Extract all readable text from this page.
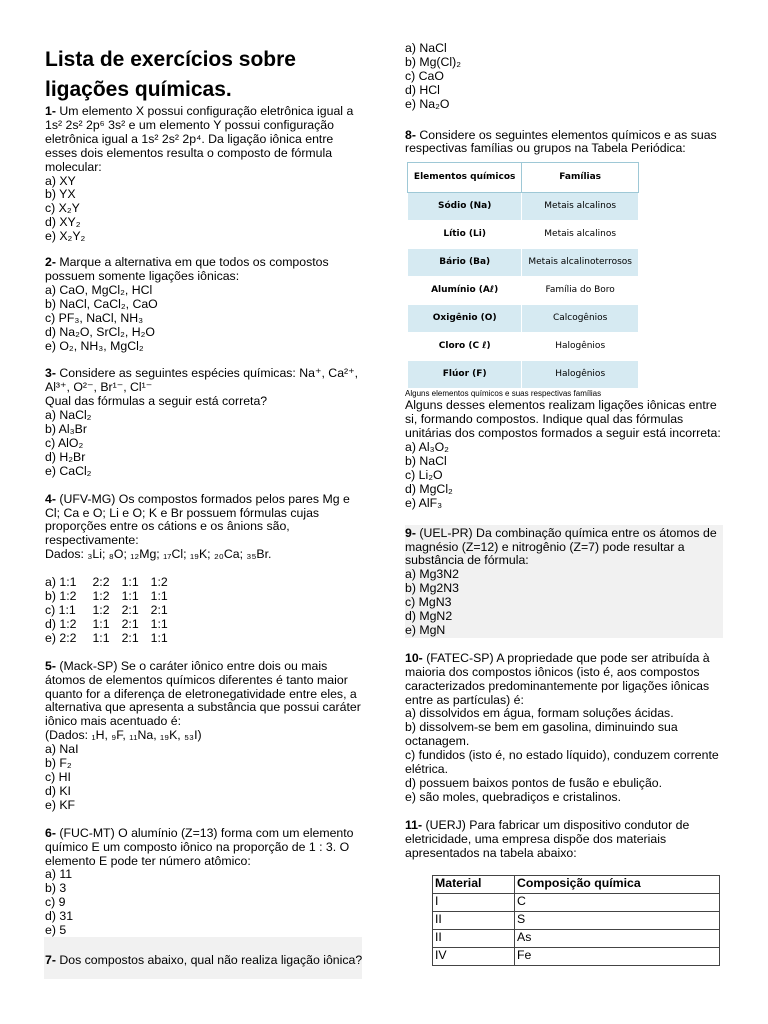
Lista de exercícios sobre ligações químicas.

1- Um elemento X possui configuração eletrônica igual a 1s² 2s² 2p⁶ 3s² e um elemento Y possui configuração eletrônica igual a 1s² 2s² 2p⁴. Da ligação iônica entre esses dois elementos resulta o composto de fórmula molecular:

a) XY

b) YX

c) X₂Y

d) XY₂

e) X₂Y₂

2- Marque a alternativa em que todos os compostos possuem somente ligações iônicas:

a) CaO, MgCl₂, HCl

b) NaCl, CaCl₂, CaO

c) PF₃, NaCl, NH₃

d) Na₂O, SrCl₂, H₂O

e) O₂, NH₃, MgCl₂

3- Considere as seguintes espécies químicas: Na⁺, Ca²⁺, Al³⁺, O²⁻, Br¹⁻, Cl¹⁻

Qual das fórmulas a seguir está correta?

a) NaCl₂

b) Al₃Br

c) AlO₂

d) H₂Br

e) CaCl₂

4- (UFV-MG) Os compostos formados pelos pares Mg e Cl; Ca e O; Li e O; K e Br possuem fórmulas cujas proporções entre os cátions e os ânions são, respectivamente:

Dados: ₃Li; ₈O; ₁₂Mg; ₁₇Cl; ₁₉K; ₂₀Ca; ₃₅Br.

a) 1:1	2:2	1:1	1:2
b) 1:2	1:2	1:1	1:1
c) 1:1	1:2	2:1	2:1
d) 1:2	1:1	2:1	1:1
e) 2:2	1:1	2:1	1:1

5- (Mack-SP) Se o caráter iônico entre dois ou mais átomos de elementos químicos diferentes é tanto maior quanto for a diferença de eletronegatividade entre eles, a alternativa que apresenta a substância que possui caráter iônico mais acentuado é:

(Dados: ₁H, ₉F, ₁₁Na, ₁₉K, ₅₃I)

a) NaI

b) F₂

c) HI

d) KI

e) KF

6- (FUC-MT) O alumínio (Z=13) forma com um elemento químico E um composto iônico na proporção de 1 : 3. O elemento E pode ter número atômico:

a) 11

b) 3

c) 9

d) 31

e) 5

7- Dos compostos abaixo, qual não realiza ligação iônica?

a) NaCl

b) Mg(Cl)₂

c) CaO

d) HCl

e) Na₂O

8- Considere os seguintes elementos químicos e as suas respectivas famílias ou grupos na Tabela Periódica:

Elementos químicos	Famílias
Sódio (Na)	Metais alcalinos
Lítio (Li)	Metais alcalinos
Bário (Ba)	Metais alcalinoterrosos
Alumínio (Aℓ)	Família do Boro
Oxigênio (O)	Calcogênios
Cloro (C ℓ)	Halogênios
Flúor (F)	Halogênios

Alguns elementos químicos e suas respectivas famílias

Alguns desses elementos realizam ligações iônicas entre si, formando compostos. Indique qual das fórmulas unitárias dos compostos formados a seguir está incorreta:

a) Al₃O₂

b) NaCl

c) Li₂O

d) MgCl₂

e) AlF₃

9- (UEL-PR) Da combinação química entre os átomos de magnésio (Z=12) e nitrogênio (Z=7) pode resultar a substância de fórmula:

a) Mg3N2

b) Mg2N3

c) MgN3

d) MgN2

e) MgN

10- (FATEC-SP) A propriedade que pode ser atribuída à maioria dos compostos iônicos (isto é, aos compostos caracterizados predominantemente por ligações iônicas entre as partículas) é:

a) dissolvidos em água, formam soluções ácidas.

b) dissolvem-se bem em gasolina, diminuindo sua octanagem.

c) fundidos (isto é, no estado líquido), conduzem corrente elétrica.

d) possuem baixos pontos de fusão e ebulição.

e) são moles, quebradiços e cristalinos.

11- (UERJ) Para fabricar um dispositivo condutor de eletricidade, uma empresa dispõe dos materiais apresentados na tabela abaixo:

Material	Composição química
I	C
II	S
II	As
IV	Fe
